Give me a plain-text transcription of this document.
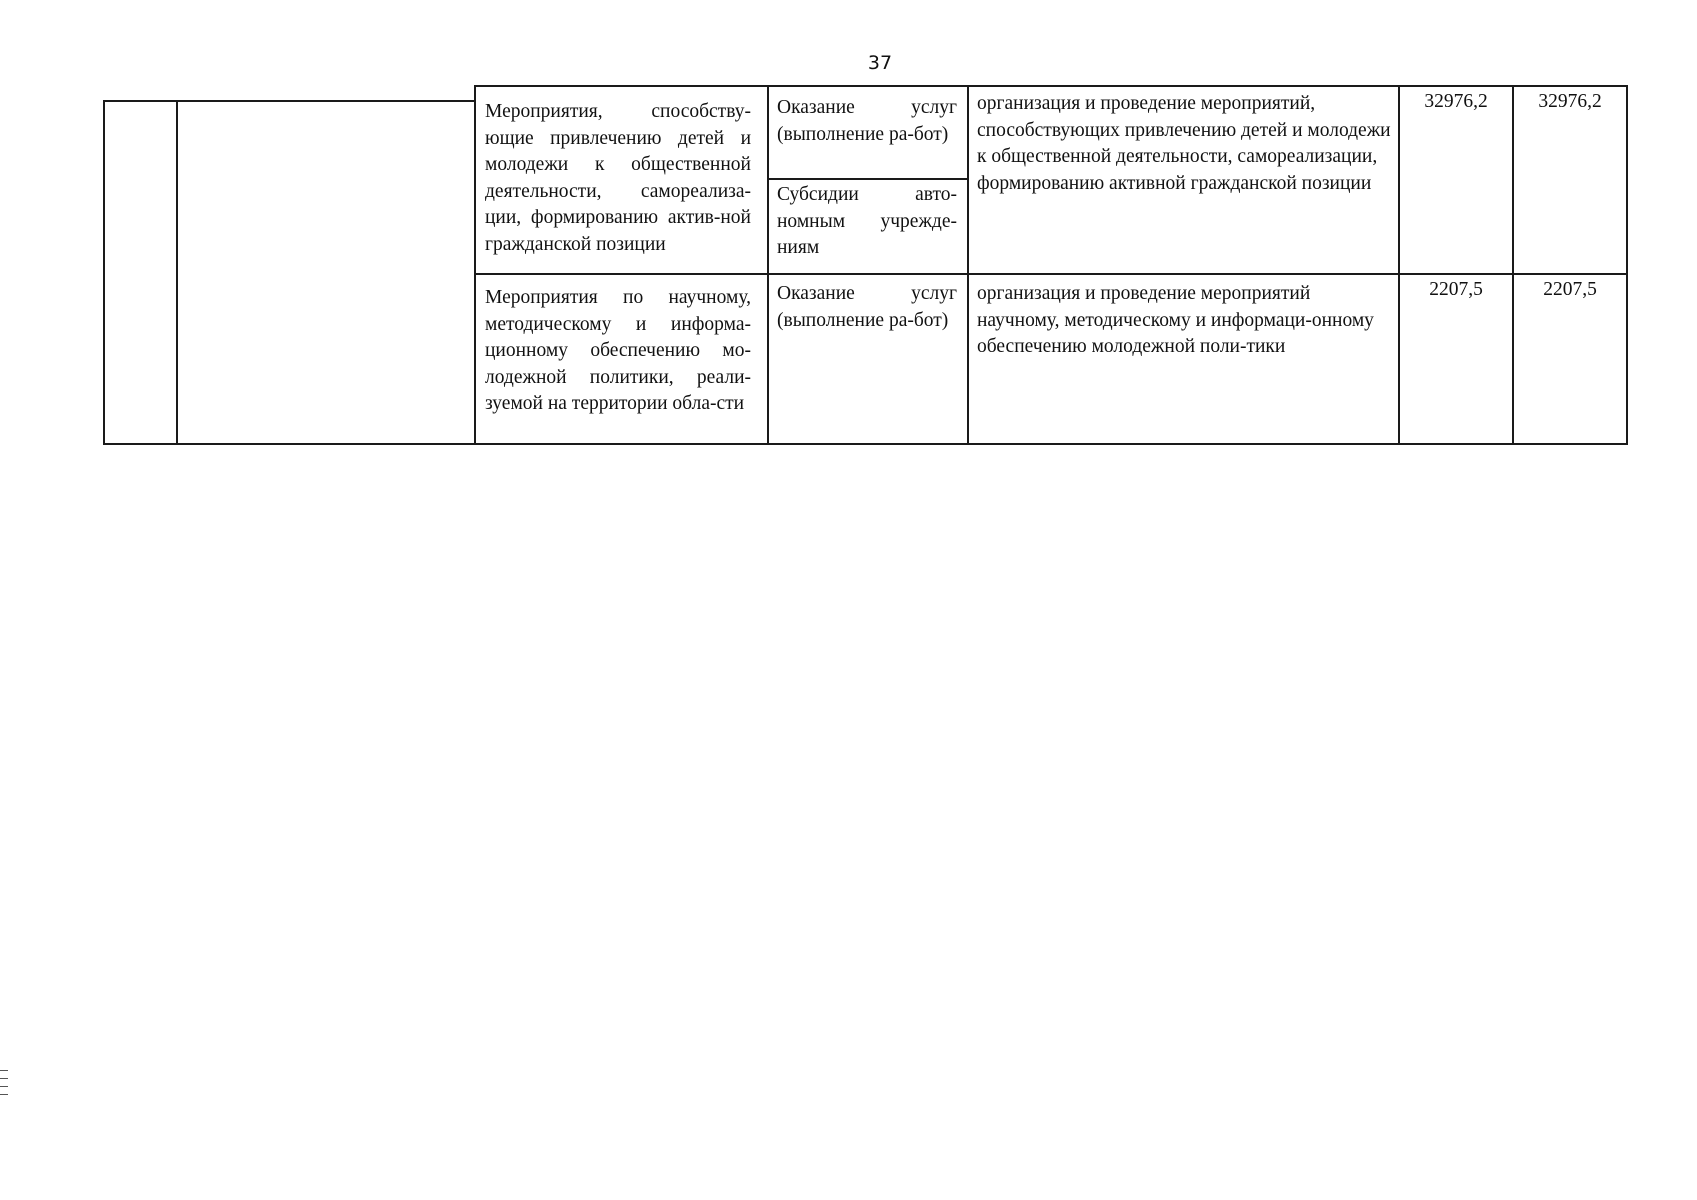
37
Мероприятия, способству-ющие привлечению детей и молодежи к общественной деятельности, самореализа-ции, формированию актив-ной гражданской позиции
Оказание услуг (выполнение ра-бот)
Субсидии авто-номным учрежде-ниям
организация и проведение мероприятий, способствующих привлечению детей и молодежи к общественной деятельности, самореализации, формированию активной гражданской позиции
32976,2	32976,2
Мероприятия по научному, методическому и информа-ционному обеспечению мо-лодежной политики, реали-зуемой на территории обла-сти
Оказание услуг (выполнение ра-бот)
организация и проведение мероприятий научному, методическому и информаци-онному обеспечению молодежной поли-тики
2207,5	2207,5
